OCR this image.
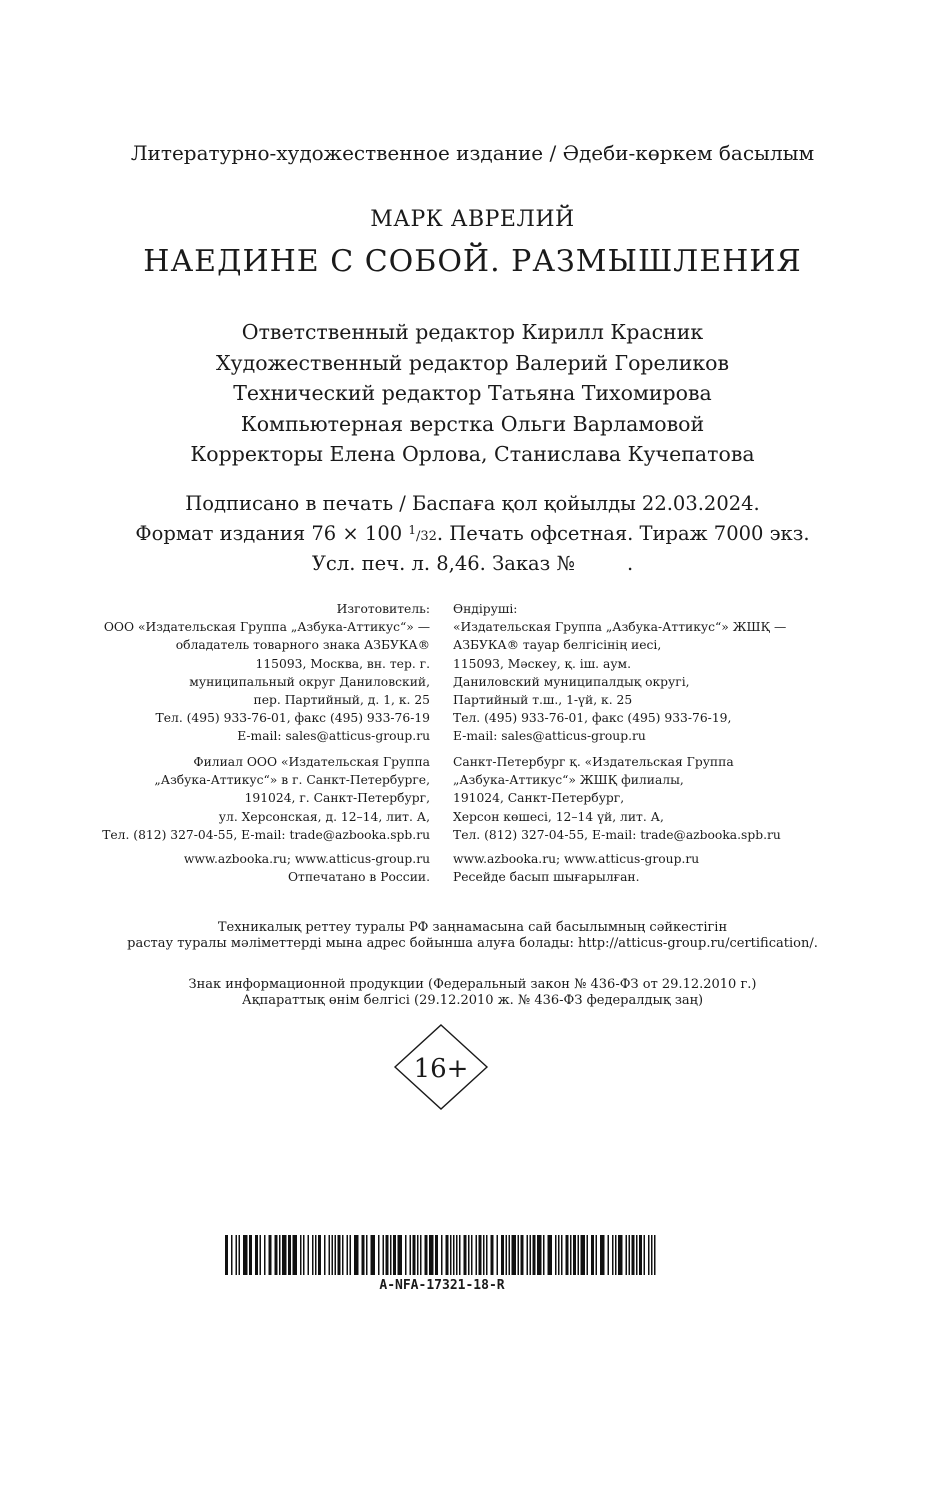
Литературно-художественное издание / Әдеби-көркем басылым
МАРК АВРЕЛИЙ
НАЕДИНЕ С СОБОЙ. РАЗМЫШЛЕНИЯ
Ответственный редактор Кирилл Красник
Художественный редактор Валерий Гореликов
Технический редактор Татьяна Тихомирова
Компьютерная верстка Ольги Варламовой
Корректоры Елена Орлова, Станислава Кучепатова
Подписано в печать / Баспаға қол қойылды 22.03.2024.
Формат издания 76 × 100 $^1$/32. Печать офсетная. Тираж 7000 экз.
Усл. печ. л. 8,46. Заказ №	.
Изготовитель:
ООО «Издательская Группа „Азбука-Аттикус“» —
обладатель товарного знака АЗБУКА®
115093, Москва, вн. тер. г.
муниципальный округ Даниловский,
пер. Партийный, д. 1, к. 25
Тел. (495) 933-76-01, факс (495) 933-76-19
E-mail: sales@atticus-group.ru
Өндіруші:
«Издательская Группа „Азбука-Аттикус“» ЖШҚ —
АЗБУКА® тауар белгісінің иесі,
115093, Мәскеу, қ. іш. аум.
Даниловский муниципалдық округі,
Партийный т.ш., 1-үй, к. 25
Тел. (495) 933-76-01, факс (495) 933-76-19,
E-mail: sales@atticus-group.ru
Филиал ООО «Издательская Группа
„Азбука-Аттикус“» в г. Санкт-Петербурге,
191024, г. Санкт-Петербург,
ул. Херсонская, д. 12–14, лит. А,
Тел. (812) 327-04-55, E-mail: trade@azbooka.spb.ru
Санкт-Петербург қ. «Издательская Группа
„Азбука-Аттикус“» ЖШҚ филиалы,
191024, Санкт-Петербург,
Херсон көшесі, 12–14 үй, лит. А,
Тел. (812) 327-04-55, E-mail: trade@azbooka.spb.ru
www.azbooka.ru; www.atticus-group.ru
Отпечатано в России.
www.azbooka.ru; www.atticus-group.ru
Ресейде басып шығарылған.
Техникалық реттеу туралы РФ заңнамасына сай басылымның сәйкестігін
растау туралы мәліметтерді мына адрес бойынша алуға болады: http://atticus-group.ru/certification/.
Знак информационной продукции (Федеральный закон № 436-ФЗ от 29.12.2010 г.)
Ақпараттық өнім белгісі (29.12.2010 ж. № 436-ФЗ федералдық заң)
16+
A-NFA-17321-18-R
